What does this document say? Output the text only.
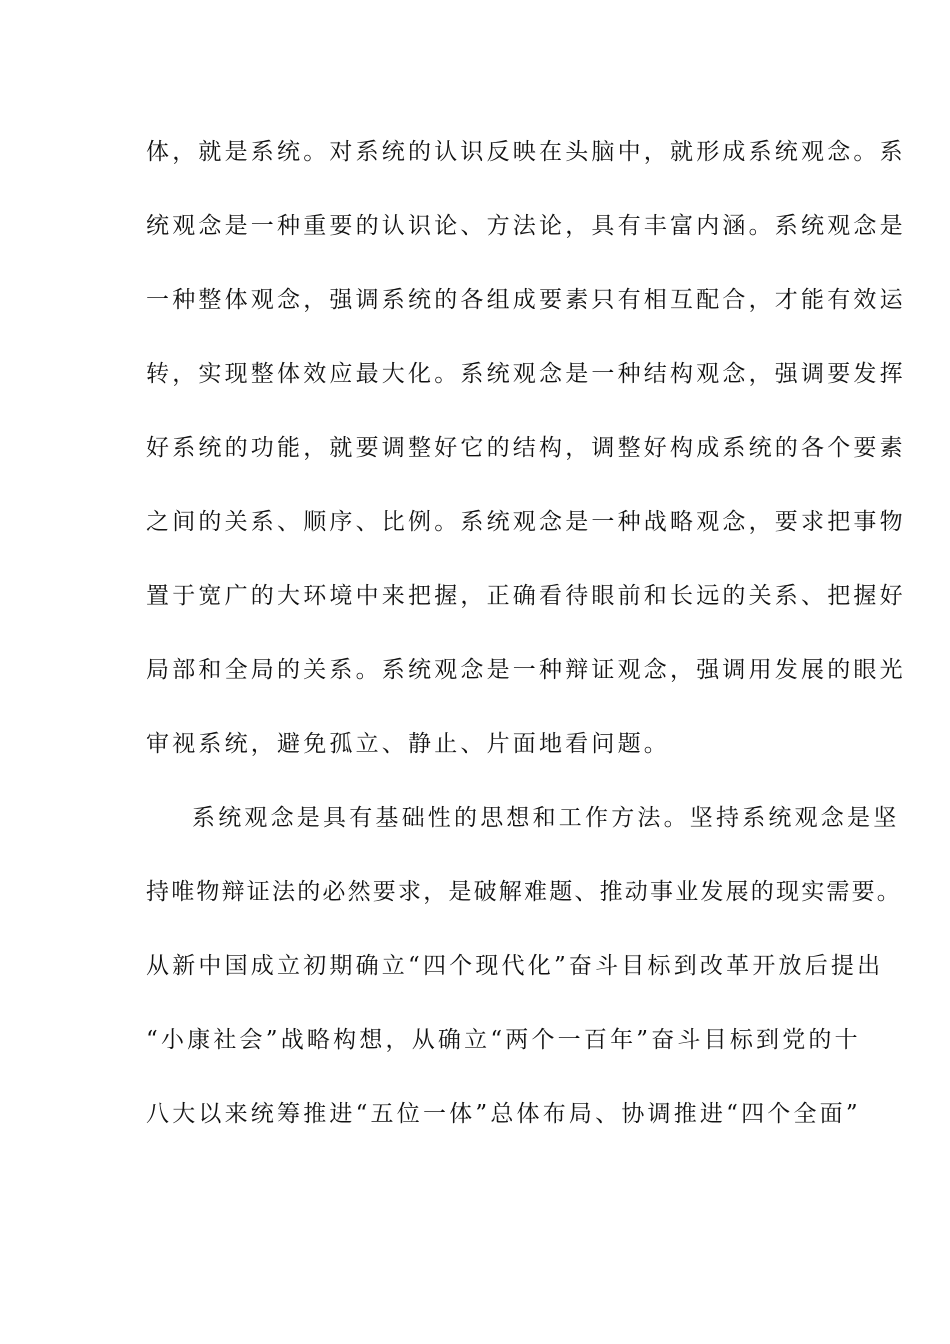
体，就是系统。对系统的认识反映在头脑中，就形成系统观念。系
统观念是一种重要的认识论、方法论，具有丰富内涵。系统观念是
一种整体观念，强调系统的各组成要素只有相互配合，才能有效运
转，实现整体效应最大化。系统观念是一种结构观念，强调要发挥
好系统的功能，就要调整好它的结构，调整好构成系统的各个要素
之间的关系、顺序、比例。系统观念是一种战略观念，要求把事物
置于宽广的大环境中来把握，正确看待眼前和长远的关系、把握好
局部和全局的关系。系统观念是一种辩证观念，强调用发展的眼光
审视系统，避免孤立、静止、片面地看问题。
系统观念是具有基础性的思想和工作方法。坚持系统观念是坚
持唯物辩证法的必然要求，是破解难题、推动事业发展的现实需要。
从新中国成立初期确立“四个现代化”奋斗目标到改革开放后提出
“小康社会”战略构想，从确立“两个一百年”奋斗目标到党的十
八大以来统筹推进“五位一体”总体布局、协调推进“四个全面”
